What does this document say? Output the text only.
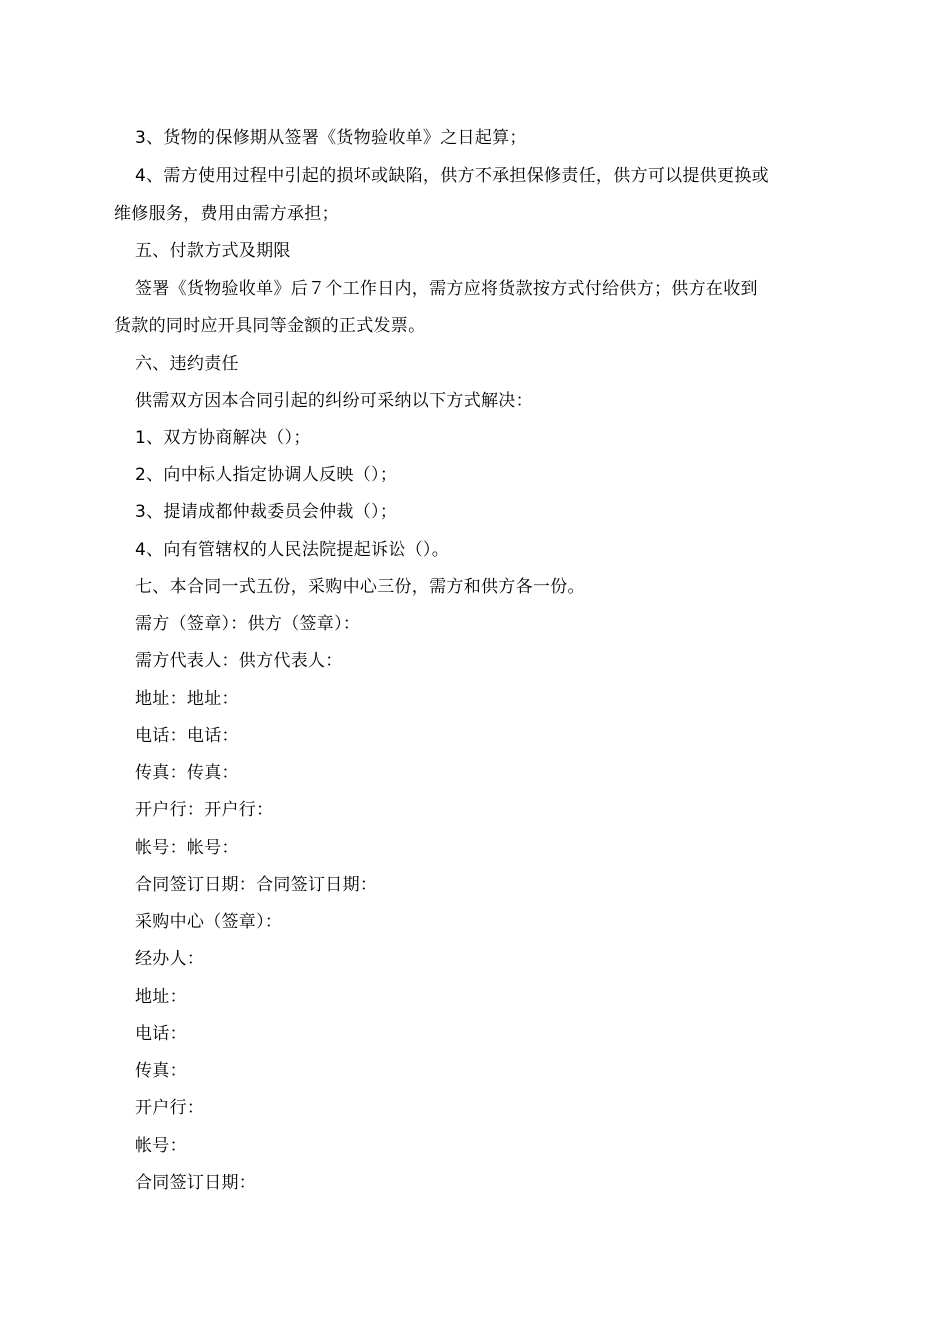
3、货物的保修期从签署《货物验收单》之日起算；
4、需方使用过程中引起的损坏或缺陷，供方不承担保修责任，供方可以提供更换或
维修服务，费用由需方承担；
五、付款方式及期限
签署《货物验收单》后７个工作日内，需方应将货款按方式付给供方；供方在收到
货款的同时应开具同等金额的正式发票。
六、违约责任
供需双方因本合同引起的纠纷可采纳以下方式解决：
1、双方协商解决（）；
2、向中标人指定协调人反映（）；
3、提请成都仲裁委员会仲裁（）；
4、向有管辖权的人民法院提起诉讼（）。
七、本合同一式五份，采购中心三份，需方和供方各一份。
需方（签章）：供方（签章）：
需方代表人：供方代表人：
地址：地址：
电话：电话：
传真：传真：
开户行：开户行：
帐号：帐号：
合同签订日期：合同签订日期：
采购中心（签章）：
经办人：
地址：
电话：
传真：
开户行：
帐号：
合同签订日期：
